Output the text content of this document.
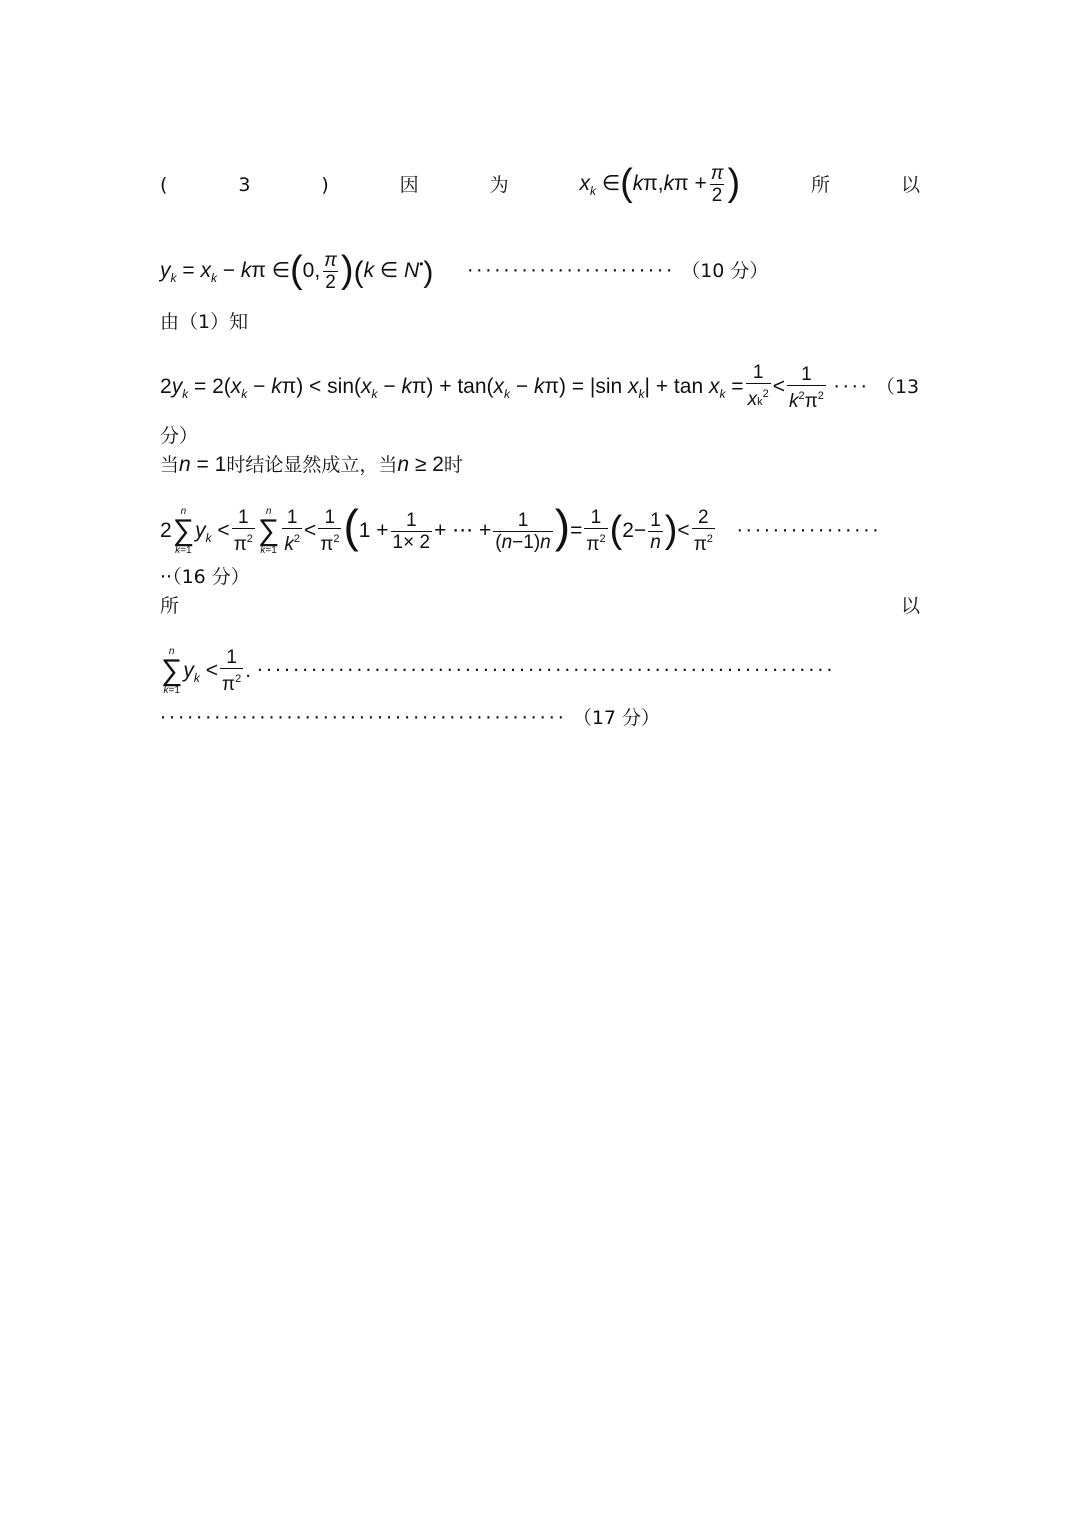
(	3	)	因	为	$x_k$ ∈(kπ,kπ + $\frac{\pi}{2}$ )	所	以
$y_k = x_k - k\pi$ ∈(0, $\frac{\pi}{2} )(k$ ∈ N•) ······················· （10 分）
由（1）知
$2y_k = 2(x_k - k\pi) < \sin(x_k - k\pi) + \tan(x_k - k\pi) = |\sin$ $x_k| + \tan x_k = \frac{1}{xk^2} < \frac{1}{k^2\pi^2}$ ···· （13
分）
当n = 1时结论显然成立，当n ≥ 2时
2
n
∑
k=1
$y_k < \frac{1}{\pi^2}$ n
∑
$k=1 \frac{1}{k^2} < \frac{1}{\pi^2} (1 + \frac{1}{1\times 2}$ + ⋯ + $\frac{1}{(n-1)n}$ )= $\frac{1}{\pi^2} (2- \frac{1}{n}$ )< $\frac{2}{\pi^2}$ ················
··（16 分）
所	以
n
∑
k=1
$y_k < \frac{1}{\pi^2}$ . ································································
············································· （17 分）
